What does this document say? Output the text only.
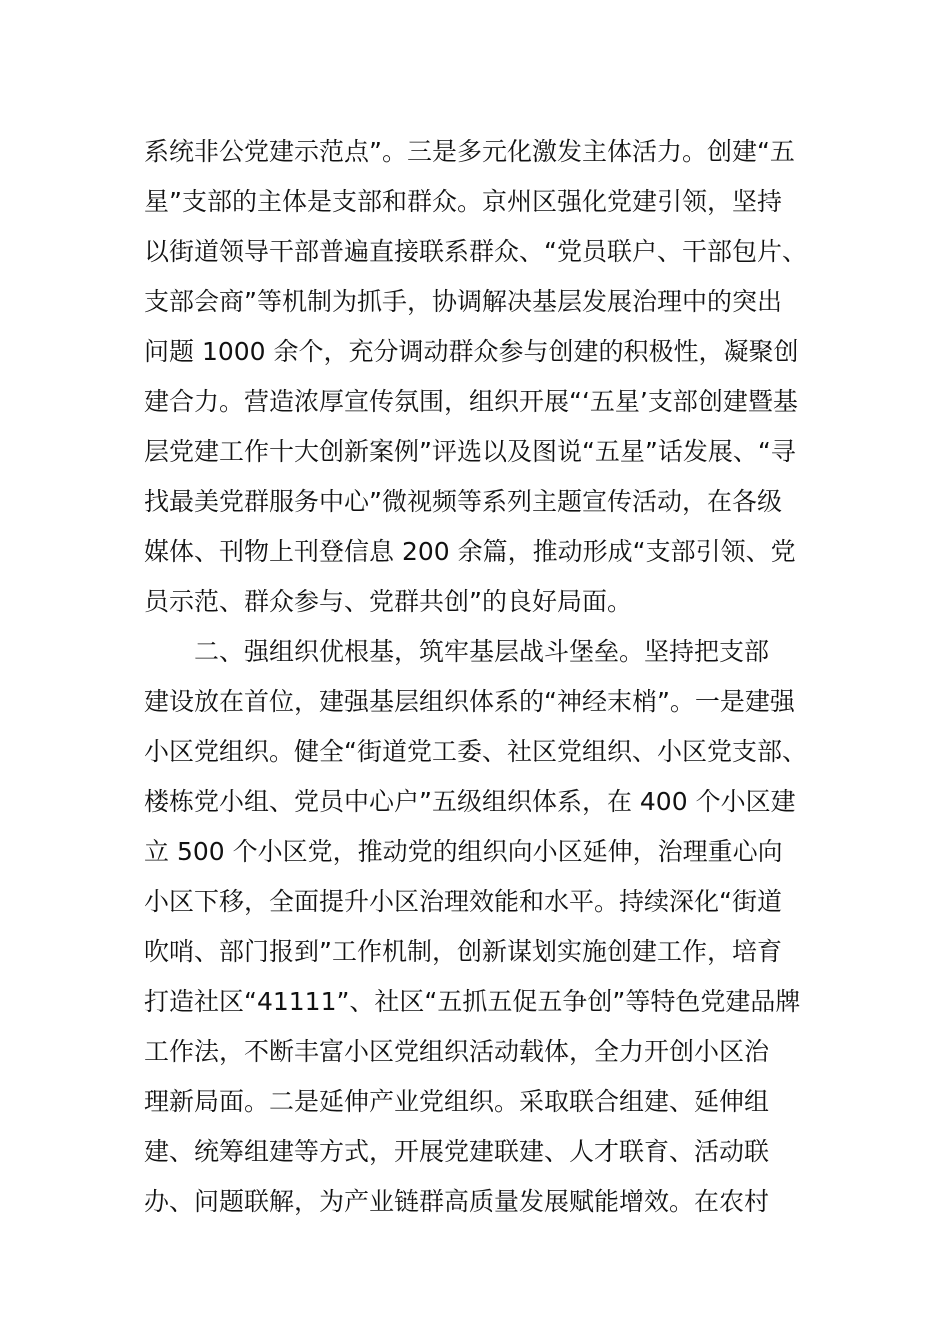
系统非公党建示范点”。三是多元化激发主体活力。创建“五
星”支部的主体是支部和群众。京州区强化党建引领，坚持
以街道领导干部普遍直接联系群众、“党员联户、干部包片、
支部会商”等机制为抓手，协调解决基层发展治理中的突出
问题 1000 余个，充分调动群众参与创建的积极性，凝聚创
建合力。营造浓厚宣传氛围，组织开展“‘五星’支部创建暨基
层党建工作十大创新案例”评选以及图说“五星”话发展、“寻
找最美党群服务中心”微视频等系列主题宣传活动，在各级
媒体、刊物上刊登信息 200 余篇，推动形成“支部引领、党
员示范、群众参与、党群共创”的良好局面。
二、强组织优根基，筑牢基层战斗堡垒。坚持把支部
建设放在首位，建强基层组织体系的“神经末梢”。一是建强
小区党组织。健全“街道党工委、社区党组织、小区党支部、
楼栋党小组、党员中心户”五级组织体系，在 400 个小区建
立 500 个小区党，推动党的组织向小区延伸，治理重心向
小区下移，全面提升小区治理效能和水平。持续深化“街道
吹哨、部门报到”工作机制，创新谋划实施创建工作，培育
打造社区“41111”、社区“五抓五促五争创”等特色党建品牌
工作法，不断丰富小区党组织活动载体，全力开创小区治
理新局面。二是延伸产业党组织。采取联合组建、延伸组
建、统筹组建等方式，开展党建联建、人才联育、活动联
办、问题联解，为产业链群高质量发展赋能增效。在农村
